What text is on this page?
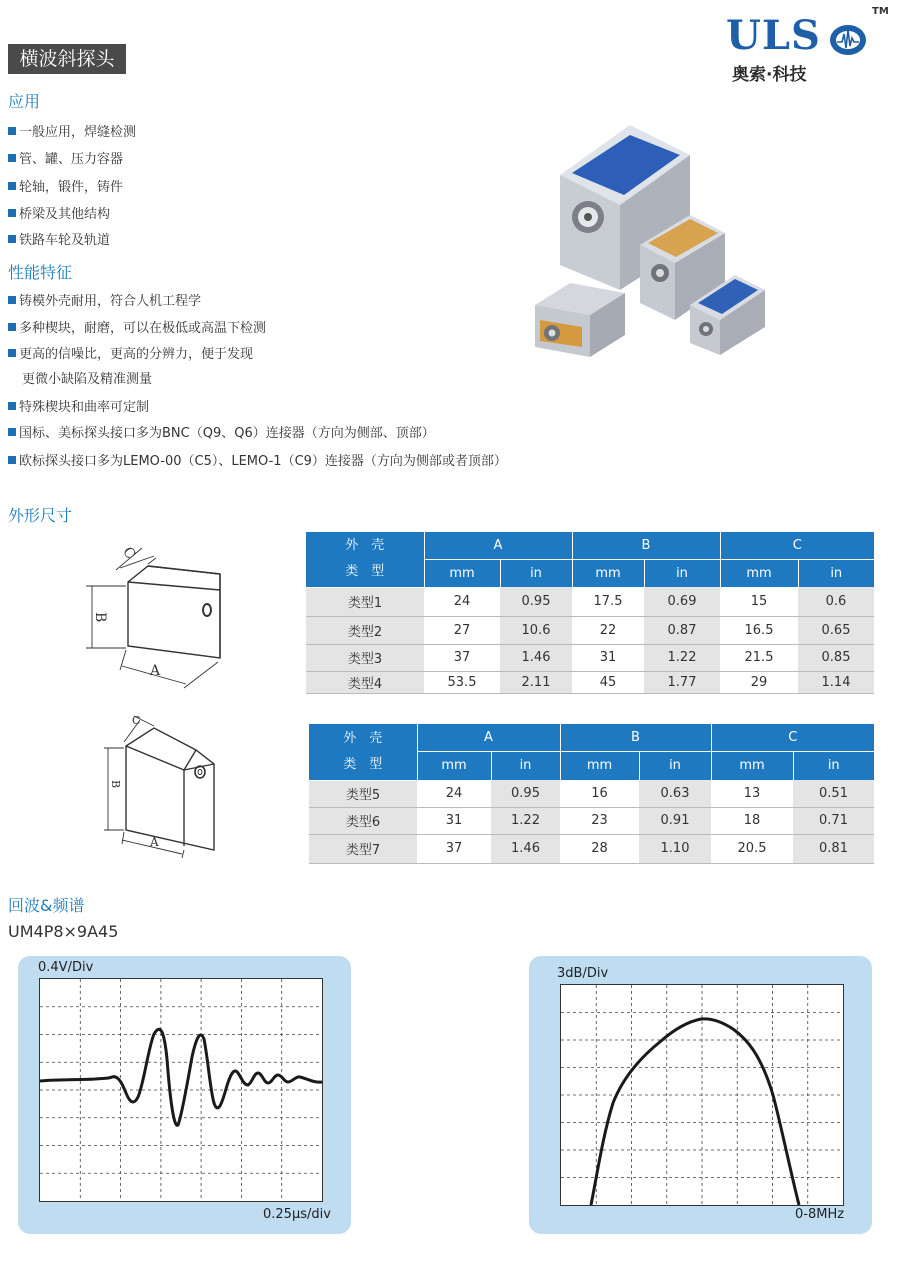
ULS
TM
奥索·科技
横波斜探头
应用
一般应用，焊缝检测
管、罐、压力容器
轮轴，锻件，铸件
桥梁及其他结构
铁路车轮及轨道
性能特征
铸模外壳耐用，符合人机工程学
多种楔块，耐磨，可以在极低或高温下检测
更高的信噪比，更高的分辨力，便于发现
更微小缺陷及精准测量
特殊楔块和曲率可定制
国标、美标探头接口多为BNC（Q9、Q6）连接器（方向为侧部、顶部）
欧标探头接口多为LEMO-00（C5）、LEMO-1（C9）连接器（方向为侧部或者顶部）
外形尺寸
C
B
A
C
B
A
外　壳
类　型	A		B		C	
	mm	in	mm	in	mm	in
类型1	24	0.95	17.5	0.69	15	0.6
类型2	27	10.6	22	0.87	16.5	0.65
类型3	37	1.46	31	1.22	21.5	0.85
类型4	53.5	2.11	45	1.77	29	1.14
外　壳
类　型	A		B		C	
	mm	in	mm	in	mm	in
类型5	24	0.95	16	0.63	13	0.51
类型6	31	1.22	23	0.91	18	0.71
类型7	37	1.46	28	1.10	20.5	0.81
回波&频谱
UM4P8×9A45
0.4V/Div
0.25μs/div
3dB/Div
0-8MHz
